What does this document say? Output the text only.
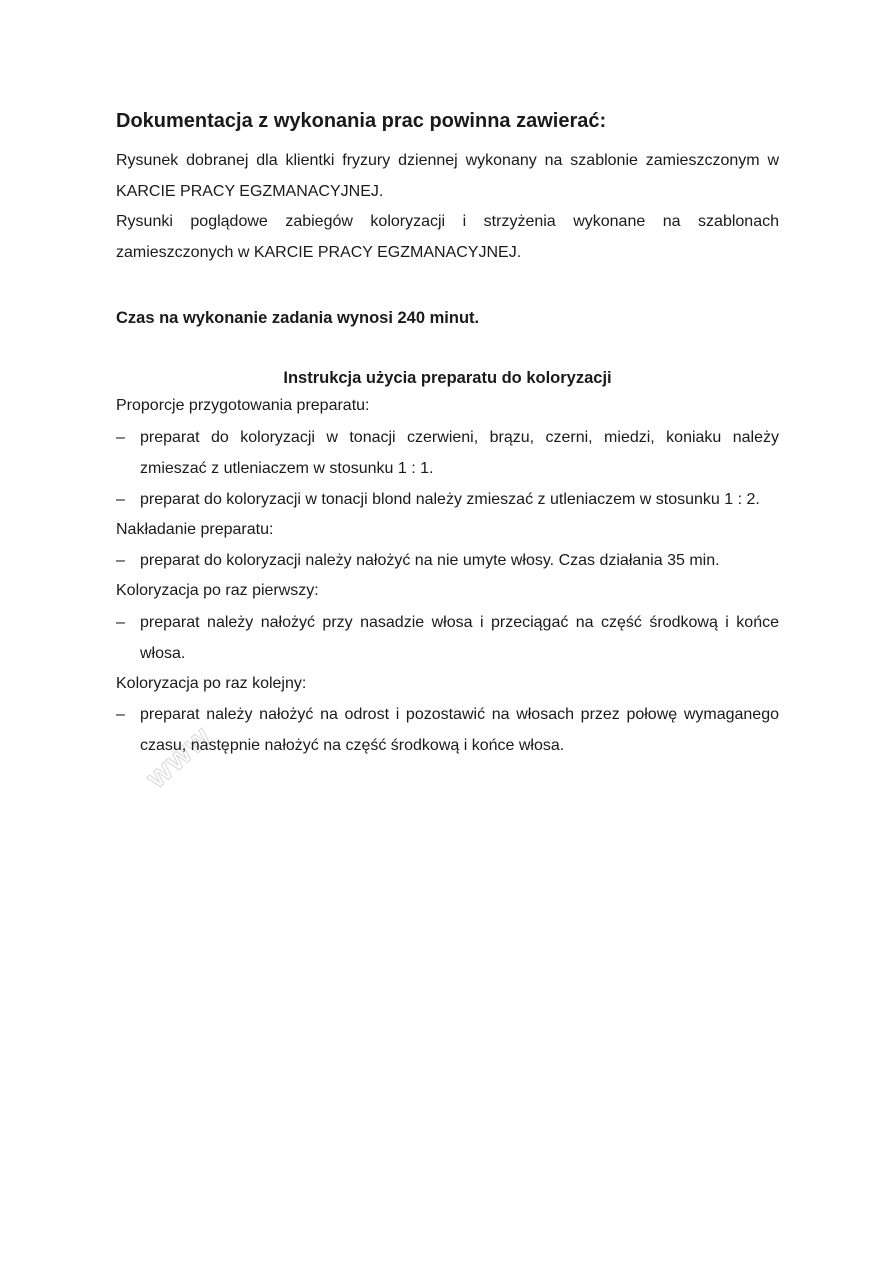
www
Dokumentacja z wykonania prac powinna zawierać:

Rysunek dobranej dla klientki fryzury dziennej wykonany na szablonie zamieszczonym w KARCIE PRACY EGZMANACYJNEJ.

Rysunki poglądowe zabiegów koloryzacji i strzyżenia wykonane na szablonach zamieszczonych w KARCIE PRACY EGZMANACYJNEJ.

Czas na wykonanie zadania wynosi 240 minut.

Instrukcja użycia preparatu do koloryzacji

Proporcje przygotowania preparatu:

– preparat do koloryzacji w tonacji czerwieni, brązu, czerni, miedzi, koniaku należy zmieszać z utleniaczem w stosunku 1 : 1.
– preparat do koloryzacji w tonacji blond należy zmieszać z utleniaczem w stosunku 1 : 2.

Nakładanie preparatu:

– preparat do koloryzacji należy nałożyć na nie umyte włosy. Czas działania 35 min.

Koloryzacja po raz pierwszy:

– preparat należy nałożyć przy nasadzie włosa i przeciągać na część środkową i końce włosa.

Koloryzacja po raz kolejny:

– preparat należy nałożyć na odrost i pozostawić na włosach przez połowę wymaganego czasu, następnie nałożyć na część środkową i końce włosa.
